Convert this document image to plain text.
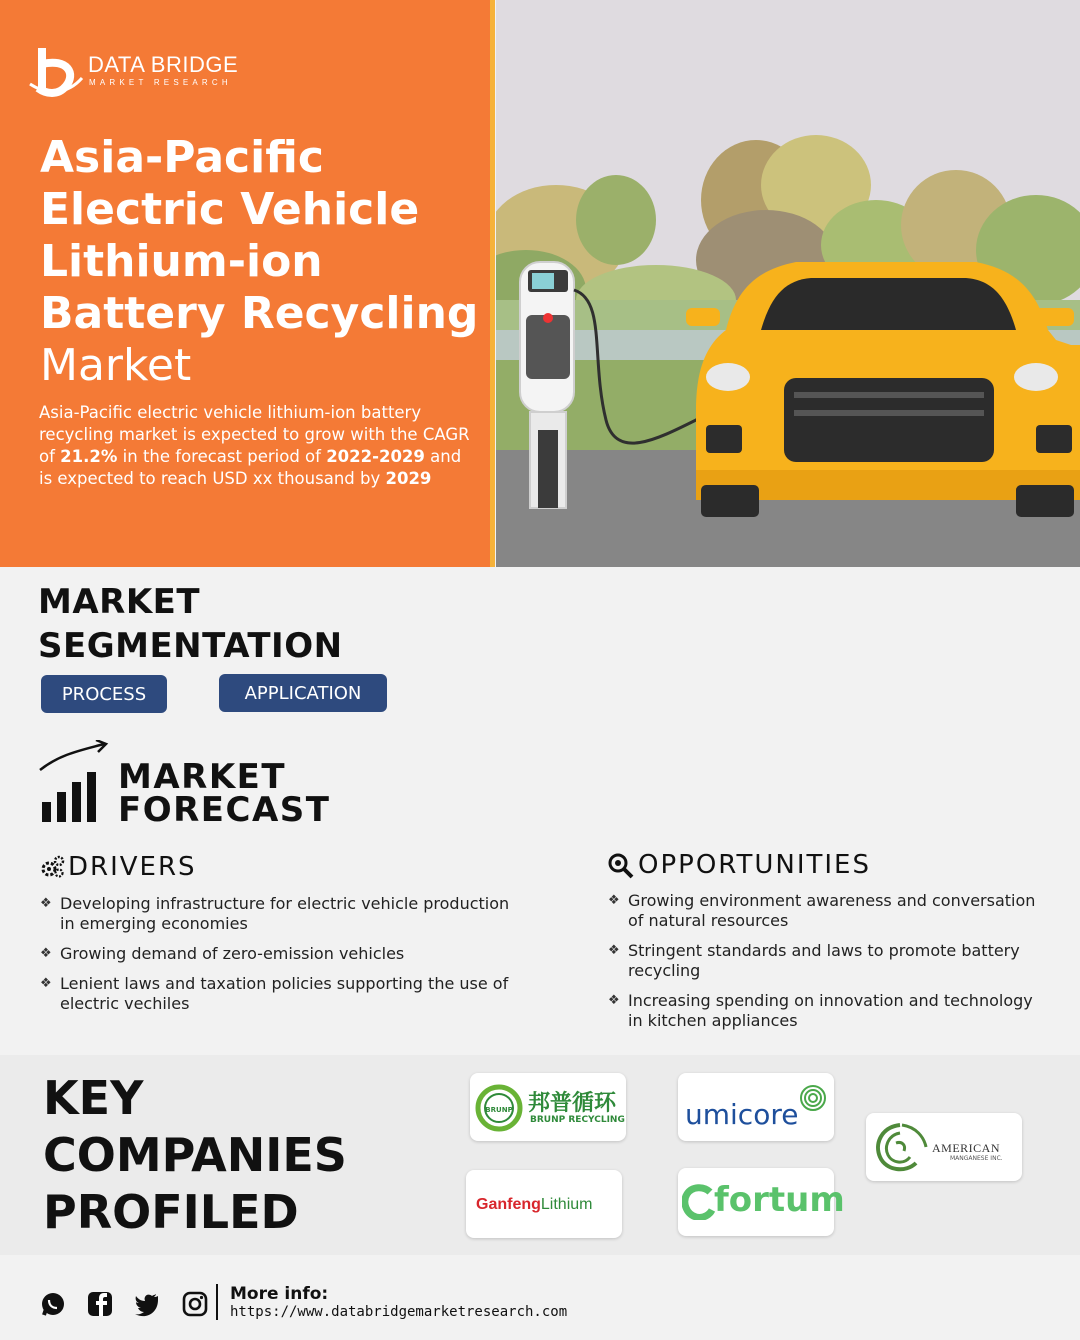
DATA BRIDGE
MARKET RESEARCH
Asia-Pacific
Electric Vehicle
Lithium-ion
Battery Recycling
Market
Asia-Pacific electric vehicle lithium-ion battery recycling market is expected to grow with the CAGR of 21.2% in the forecast period of 2022-2029 and is expected to reach USD xx thousand by 2029
MARKET
SEGMENTATION
PROCESS	APPLICATION
MARKET
FORECAST
DRIVERS
❖ Developing infrastructure for electric vehicle production in emerging economies
❖ Growing demand of zero-emission vehicles
❖ Lenient laws and taxation policies supporting the use of electric vechiles
OPPORTUNITIES
❖ Growing environment awareness and conversation of natural resources
❖ Stringent standards and laws to promote battery recycling
❖ Increasing spending on innovation and technology in kitchen appliances
KEY
COMPANIES
PROFILED
BRUNP 邦普循环
BRUNP RECYCLING umicore
AMERICAN
MANGANESE INC.
GanfengLithium	fortum
More info:
https://www.databridgemarketresearch.com
